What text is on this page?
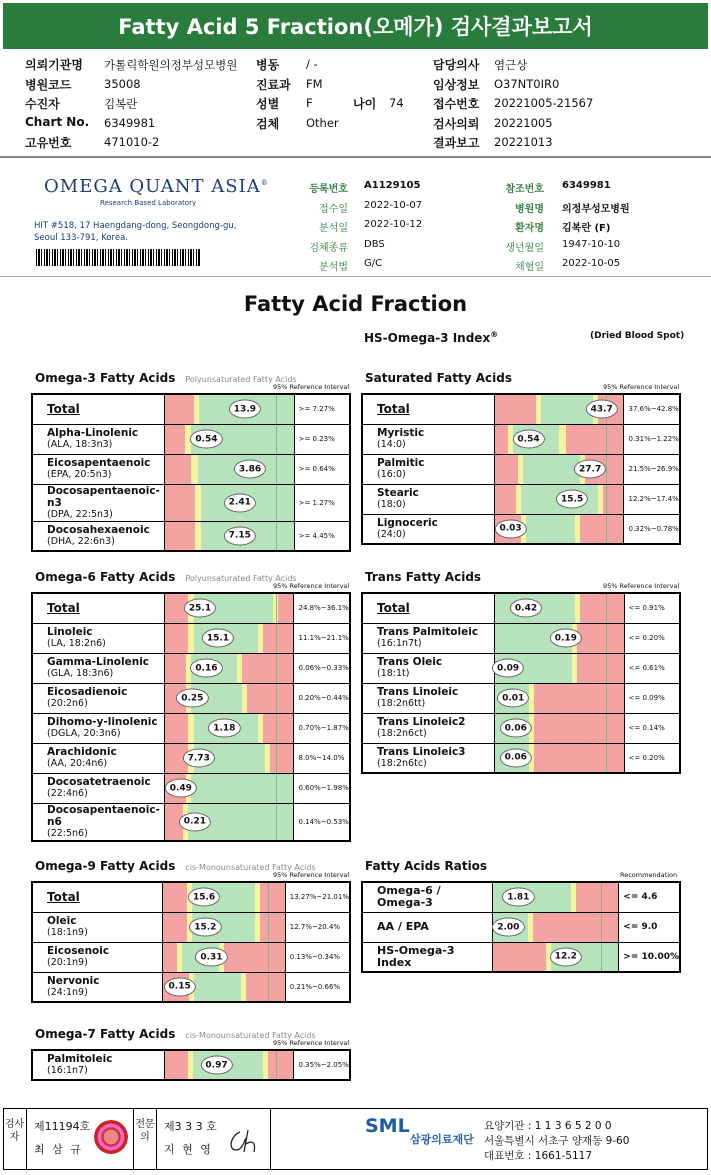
Fatty Acid 5 Fraction(오메가) 검사결과보고서
의뢰기관명 가톨릭학원의정부성모병원
병원코드	35008
수진자	김복란
Chart No. 6349981
고유번호	471010-2
병동 / -
진료과 FM
성별 F
검체 Other
담당의사 염근상
임상정보 O37NT0IR0
접수번호 20221005-21567
검사의뢰 20221005
결과보고 20221013
나이 74
OMEGA QUANT ASIA®
Research Based Laboratory
HIT #518, 17 Haengdang-dong, Seongdong-gu,
Seoul 133-791, Korea.
등록번호 A1129105
접수일 2022-10-07
분석일 2022-10-12
검체종류 DBS
분석법 G/C
참조번호 6349981
병원명 의정부성모병원
환자명 김복란 (F)
생년월일 1947-10-10
채혈일 2022-10-05
Fatty Acid Fraction
HS-Omega-3 Index®	(Dried Blood Spot)
Omega-3 Fatty Acids Polyunsaturated Fatty Acids
95% Reference Interval
Total	13.9	>= 7.27%
Alpha-Linolenic
(ALA, 18:3n3)	0.54	>= 0.23%
Eicosapentaenoic
(EPA, 20:5n3)	3.86	>= 0.64%
Docosapentaenoic-n3
(DPA, 22:5n3)	2.41	>= 1.27%
Docosahexaenoic
(DHA, 22:6n3)	7.15	>= 4.45%
Saturated Fatty Acids
95% Reference Interval
Total	43.7	37.6%~42.8%
Myristic
(14:0)	0.54	0.31%~1.22%
Palmitic
(16:0)	27.7	21.5%~26.9%
Stearic
(18:0)	15.5	12.2%~17.4%
Lignoceric
(24:0)	0.03	0.32%~0.78%
Omega-6 Fatty Acids Polyunsaturated Fatty Acids
95% Reference Interval
Total	25.1	24.8%~36.1%
Linoleic
(LA, 18:2n6)	15.1	11.1%~21.1%
Gamma-Linolenic
(GLA, 18:3n6)	0.16	0.06%~0.33%
Eicosadienoic
(20:2n6)	0.25	0.20%~0.44%
Dihomo-y-linolenic
(DGLA, 20:3n6)	1.18	0.70%~1.87%
Arachidonic
(AA, 20:4n6)	7.73	8.0%~14.0%
Docosatetraenoic
(22:4n6)	0.49	0.60%~1.98%
Docosapentaenoic-n6
(22:5n6)	0.21	0.14%~0.53%
Trans Fatty Acids
95% Reference Interval
Total	0.42	<= 0.91%
Trans Palmitoleic
(16:1n7t)	0.19	<= 0.20%
Trans Oleic
(18:1t)	0.09	<= 0.61%
Trans Linoleic
(18:2n6tt)	0.01	<= 0.09%
Trans Linoleic2
(18:2n6ct)	0.06	<= 0.14%
Trans Linoleic3
(18:2n6tc)	0.06	<= 0.20%
Omega-9 Fatty Acids cis-Monounsaturated Fatty Acids
95% Reference Interval
Total	15.6	13.27%~21.01%
Oleic
(18:1n9)	15.2	12.7%~20.4%
Eicosenoic
(20:1n9)	0.31	0.13%~0.34%
Nervonic
(24:1n9)	0.15	0.21%~0.66%
Fatty Acids Ratios
Recommendation
Omega-6 / Omega-3	1.81	<= 4.6
AA / EPA	2.00	<= 9.0
HS-Omega-3 Index	12.2	>= 10.00%
Omega-7 Fatty Acids cis-Monounsaturated Fatty Acids
95% Reference Interval
Palmitoleic
(16:1n7)	0.97	0.35%~2.05%
검사자
제11194호
최 삼 규
전문의
제3 3 3 호
지 현 영
SML
삼광의료재단
요양기관 : 1 1 3 6 5 2 0 0
서울특별시 서초구 양재동 9-60
대표번호 : 1661-5117
